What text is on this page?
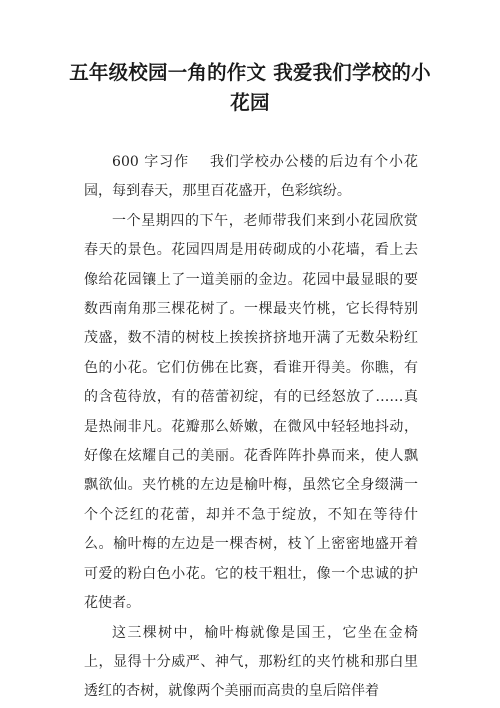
五年级校园一角的作文 我爱我们学校的小花园

600 字习作 我们学校办公楼的后边有个小花园，每到春天，那里百花盛开，色彩缤纷。

一个星期四的下午，老师带我们来到小花园欣赏春天的景色。花园四周是用砖砌成的小花墙，看上去像给花园镶上了一道美丽的金边。花园中最显眼的要数西南角那三棵花树了。一棵最夹竹桃，它长得特别茂盛，数不清的树枝上挨挨挤挤地开满了无数朵粉红色的小花。它们仿佛在比赛，看谁开得美。你瞧，有的含苞待放，有的蓓蕾初绽，有的已经怒放了……真是热闹非凡。花瓣那么娇嫩，在微风中轻轻地抖动，好像在炫耀自己的美丽。花香阵阵扑鼻而来，使人飘飘欲仙。夹竹桃的左边是榆叶梅，虽然它全身缀满一个个泛红的花蕾，却并不急于绽放，不知在等待什么。榆叶梅的左边是一棵杏树，枝丫上密密地盛开着可爱的粉白色小花。它的枝干粗壮，像一个忠诚的护花使者。

这三棵树中，榆叶梅就像是国王，它坐在金椅上，显得十分威严、神气，那粉红的夹竹桃和那白里透红的杏树，就像两个美丽而高贵的皇后陪伴着
